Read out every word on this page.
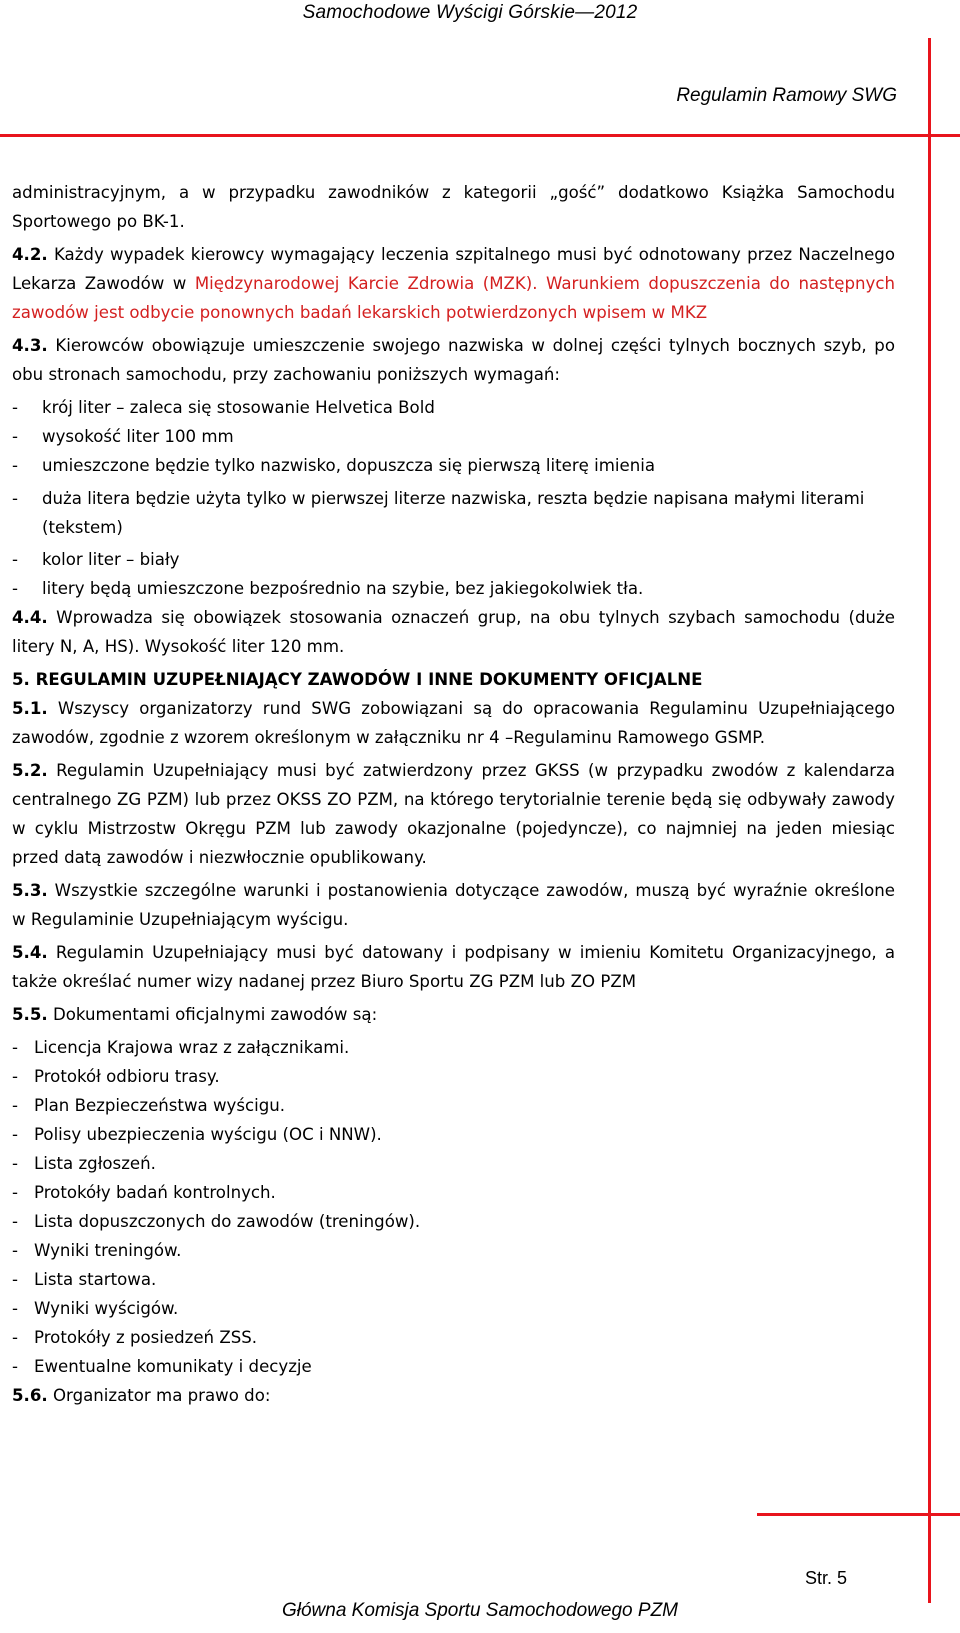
Samochodowe Wyścigi Górskie—2012
Regulamin Ramowy SWG

administracyjnym, a w przypadku zawodników z kategorii „gość” dodatkowo Książka Samochodu Sportowego po BK-1.

4.2. Każdy wypadek kierowcy wymagający leczenia szpitalnego musi być odnotowany przez Naczelnego Lekarza Zawodów w Międzynarodowej Karcie Zdrowia (MZK). Warunkiem dopuszczenia do następnych zawodów jest odbycie ponownych badań lekarskich potwierdzonych wpisem w MKZ

4.3. Kierowców obowiązuje umieszczenie swojego nazwiska w dolnej części tylnych bocznych szyb, po obu stronach samochodu, przy zachowaniu poniższych wymagań:

- krój liter – zaleca się stosowanie Helvetica Bold

- wysokość liter 100 mm

- umieszczone będzie tylko nazwisko, dopuszcza się pierwszą literę imienia

- duża litera będzie użyta tylko w pierwszej literze nazwiska, reszta będzie napisana małymi literami (tekstem)

- kolor liter – biały

- litery będą umieszczone bezpośrednio na szybie, bez jakiegokolwiek tła.

4.4. Wprowadza się obowiązek stosowania oznaczeń grup, na obu tylnych szybach samochodu (duże litery N, A, HS). Wysokość liter 120 mm.

5. REGULAMIN UZUPEŁNIAJĄCY ZAWODÓW I INNE DOKUMENTY OFICJALNE

5.1. Wszyscy organizatorzy rund SWG zobowiązani są do opracowania Regulaminu Uzupełniającego zawodów, zgodnie z wzorem określonym w załączniku nr 4 –Regulaminu Ramowego GSMP.

5.2. Regulamin Uzupełniający musi być zatwierdzony przez GKSS (w przypadku zwodów z kalendarza centralnego ZG PZM) lub przez OKSS ZO PZM, na którego terytorialnie terenie będą się odbywały zawody w cyklu Mistrzostw Okręgu PZM lub zawody okazjonalne (pojedyncze), co najmniej na jeden miesiąc przed datą zawodów i niezwłocznie opublikowany.

5.3. Wszystkie szczególne warunki i postanowienia dotyczące zawodów, muszą być wyraźnie określone w Regulaminie Uzupełniającym wyścigu.

5.4. Regulamin Uzupełniający musi być datowany i podpisany w imieniu Komitetu Organizacyjnego, a także określać numer wizy nadanej przez Biuro Sportu ZG PZM lub ZO PZM

5.5. Dokumentami oficjalnymi zawodów są:

- Licencja Krajowa wraz z załącznikami.

- Protokół odbioru trasy.

- Plan Bezpieczeństwa wyścigu.

- Polisy ubezpieczenia wyścigu (OC i NNW).

- Lista zgłoszeń.

- Protokóły badań kontrolnych.

- Lista dopuszczonych do zawodów (treningów).

- Wyniki treningów.

- Lista startowa.

- Wyniki wyścigów.

- Protokóły z posiedzeń ZSS.

- Ewentualne komunikaty i decyzje

5.6. Organizator ma prawo do:

Str. 5
Główna Komisja Sportu Samochodowego PZM
